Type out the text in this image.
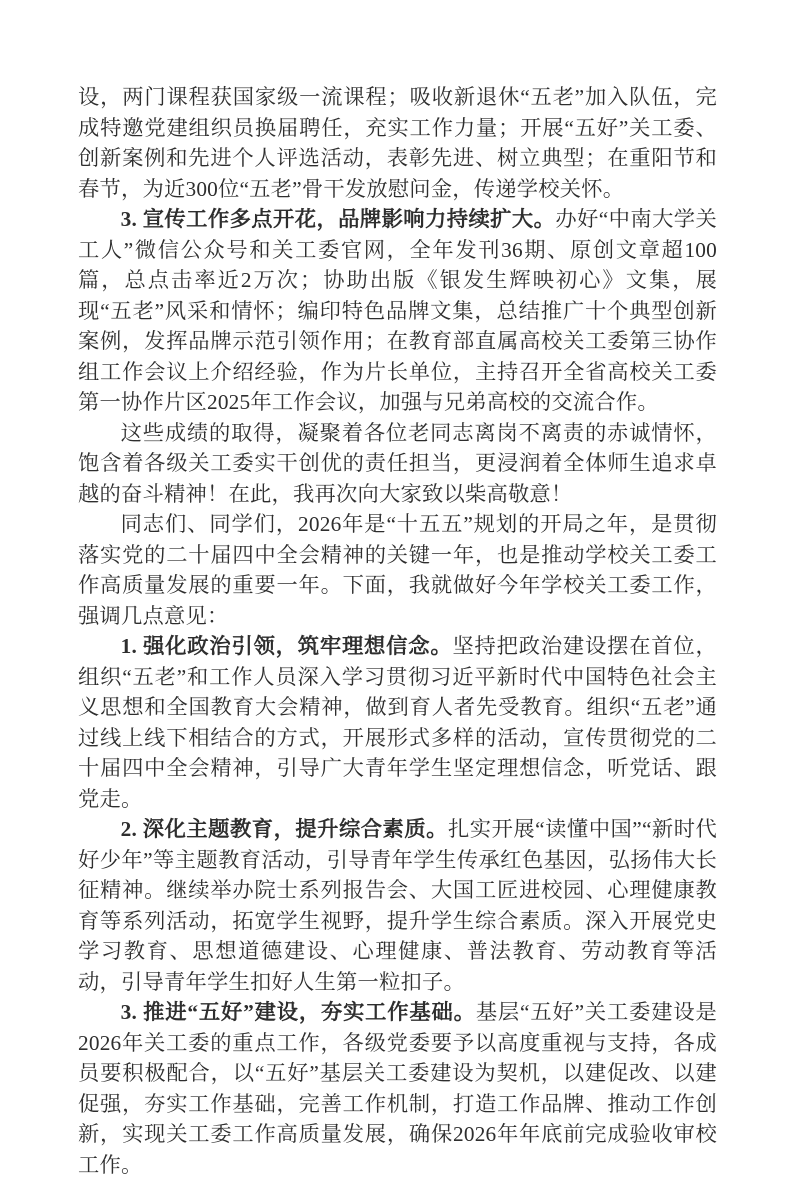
设，两门课程获国家级一流课程；吸收新退休“五老”加入队伍，完成特邀党建组织员换届聘任，充实工作力量；开展“五好”关工委、创新案例和先进个人评选活动，表彰先进、树立典型；在重阳节和春节，为近300位“五老”骨干发放慰问金，传递学校关怀。

3. 宣传工作多点开花，品牌影响力持续扩大。办好“中南大学关工人”微信公众号和关工委官网，全年发刊36期、原创文章超100篇，总点击率近2万次；协助出版《银发生辉映初心》文集，展现“五老”风采和情怀；编印特色品牌文集，总结推广十个典型创新案例，发挥品牌示范引领作用；在教育部直属高校关工委第三协作组工作会议上介绍经验，作为片长单位，主持召开全省高校关工委第一协作片区2025年工作会议，加强与兄弟高校的交流合作。

这些成绩的取得，凝聚着各位老同志离岗不离责的赤诚情怀，饱含着各级关工委实干创优的责任担当，更浸润着全体师生追求卓越的奋斗精神！在此，我再次向大家致以柴高敬意！

同志们、同学们，2026年是“十五五”规划的开局之年，是贯彻落实党的二十届四中全会精神的关键一年，也是推动学校关工委工作高质量发展的重要一年。下面，我就做好今年学校关工委工作，强调几点意见：

1. 强化政治引领，筑牢理想信念。坚持把政治建设摆在首位，组织“五老”和工作人员深入学习贯彻习近平新时代中国特色社会主义思想和全国教育大会精神，做到育人者先受教育。组织“五老”通过线上线下相结合的方式，开展形式多样的活动，宣传贯彻党的二十届四中全会精神，引导广大青年学生坚定理想信念，听党话、跟党走。

2. 深化主题教育，提升综合素质。扎实开展“读懂中国”“新时代好少年”等主题教育活动，引导青年学生传承红色基因，弘扬伟大长征精神。继续举办院士系列报告会、大国工匠进校园、心理健康教育等系列活动，拓宽学生视野，提升学生综合素质。深入开展党史学习教育、思想道德建设、心理健康、普法教育、劳动教育等活动，引导青年学生扣好人生第一粒扣子。

3. 推进“五好”建设，夯实工作基础。基层“五好”关工委建设是2026年关工委的重点工作，各级党委要予以高度重视与支持，各成员要积极配合，以“五好”基层关工委建设为契机，以建促改、以建促强，夯实工作基础，完善工作机制，打造工作品牌、推动工作创新，实现关工委工作高质量发展，确保2026年年底前完成验收审校工作。
